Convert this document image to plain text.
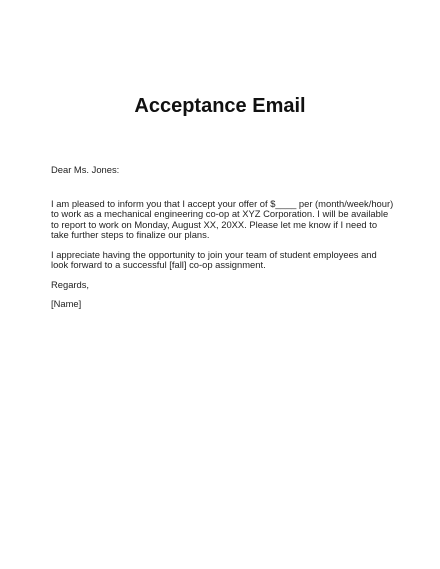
Acceptance Email

Dear Ms. Jones:

I am pleased to inform you that I accept your offer of $____ per (month/week/hour) to work as a mechanical engineering co-op at XYZ Corporation. I will be available to report to work on Monday, August XX, 20XX. Please let me know if I need to take further steps to finalize our plans.

I appreciate having the opportunity to join your team of student employees and look forward to a successful [fall] co-op assignment.

Regards,

[Name]
